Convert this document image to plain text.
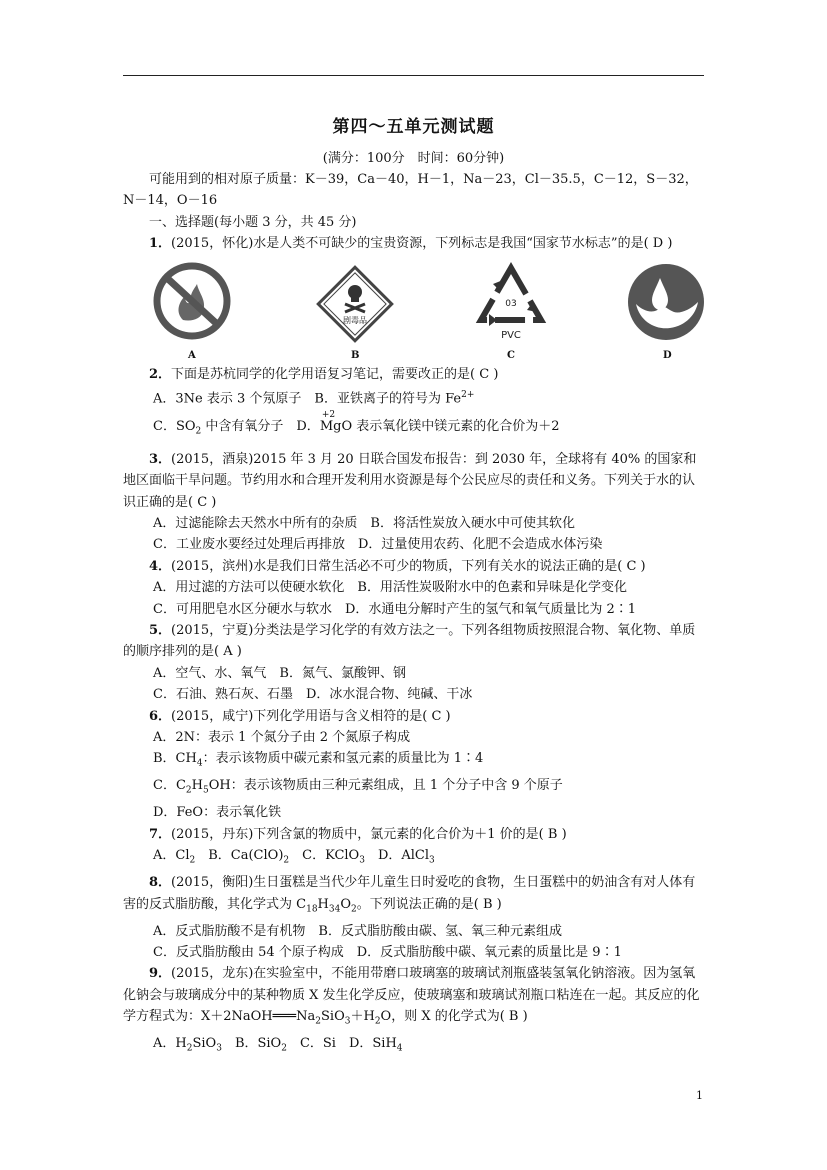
第四～五单元测试题
(满分：100分　时间：60分钟)

可能用到的相对原子质量：K－39，Ca－40，H－1，Na－23，Cl－35.5，C－12，S－32，N－14，O－16

一、选择题(每小题 3 分，共 45 分)

1．(2015，怀化)水是人类不可缺少的宝贵资源，下列标志是我国“国家节水标志”的是( D )

剧毒品
03
PVC
A	B	C	D

2．下面是苏杭同学的化学用语复习笔记，需要改正的是( C )

A．3Ne 表示 3 个氖原子　B．亚铁离子的符号为 $Fe^{2+}$

C．$SO_2$ 中含有氧分子　D．
+2
MgO 表示氧化镁中镁元素的化合价为＋2

3．(2015，酒泉)2015 年 3 月 20 日联合国发布报告：到 2030 年，全球将有 40% 的国家和地区面临干旱问题。节约用水和合理开发利用水资源是每个公民应尽的责任和义务。下列关于水的认识正确的是( C )

A．过滤能除去天然水中所有的杂质　B．将活性炭放入硬水中可使其软化

C．工业废水要经过处理后再排放　D．过量使用农药、化肥不会造成水体污染

4．(2015，滨州)水是我们日常生活必不可少的物质，下列有关水的说法正确的是( C )

A．用过滤的方法可以使硬水软化　B．用活性炭吸附水中的色素和异味是化学变化

C．可用肥皂水区分硬水与软水　D．水通电分解时产生的氢气和氧气质量比为 2∶1

5．(2015，宁夏)分类法是学习化学的有效方法之一。下列各组物质按照混合物、氧化物、单质的顺序排列的是( A )

A．空气、水、氧气　B．氮气、氯酸钾、钢

C．石油、熟石灰、石墨　D．冰水混合物、纯碱、干冰

6．(2015，咸宁)下列化学用语与含义相符的是( C )

A．2N：表示 1 个氮分子由 2 个氮原子构成

B．$CH_4$：表示该物质中碳元素和氢元素的质量比为 1∶4

C．$C_2H_5OH$：表示该物质由三种元素组成，且 1 个分子中含 9 个原子

D．FeO：表示氧化铁

7．(2015，丹东)下列含氯的物质中，氯元素的化合价为＋1 价的是( B )

A．$Cl_2$　B．$Ca(ClO)_2$　C．KClO$_3$　D．AlCl$_3$

8．(2015，衡阳)生日蛋糕是当代少年儿童生日时爱吃的食物，生日蛋糕中的奶油含有对人体有害的反式脂肪酸，其化学式为 $C_{18}H_{34}O_2$。下列说法正确的是( B )

A．反式脂肪酸不是有机物　B．反式脂肪酸由碳、氢、氧三种元素组成

C．反式脂肪酸由 54 个原子构成　D．反式脂肪酸中碳、氧元素的质量比是 9∶1

9．(2015，龙东)在实验室中，不能用带磨口玻璃塞的玻璃试剂瓶盛装氢氧化钠溶液。因为氢氧化钠会与玻璃成分中的某种物质 X 发生化学反应，使玻璃塞和玻璃试剂瓶口粘连在一起。其反应的化学方程式为：$X+2NaOH═══Na_2SiO_3+H_2O$，则 X 的化学式为( B )

A．$H_2SiO_3$　B．SiO$_2$　C．Si　D．SiH$_4$

1
